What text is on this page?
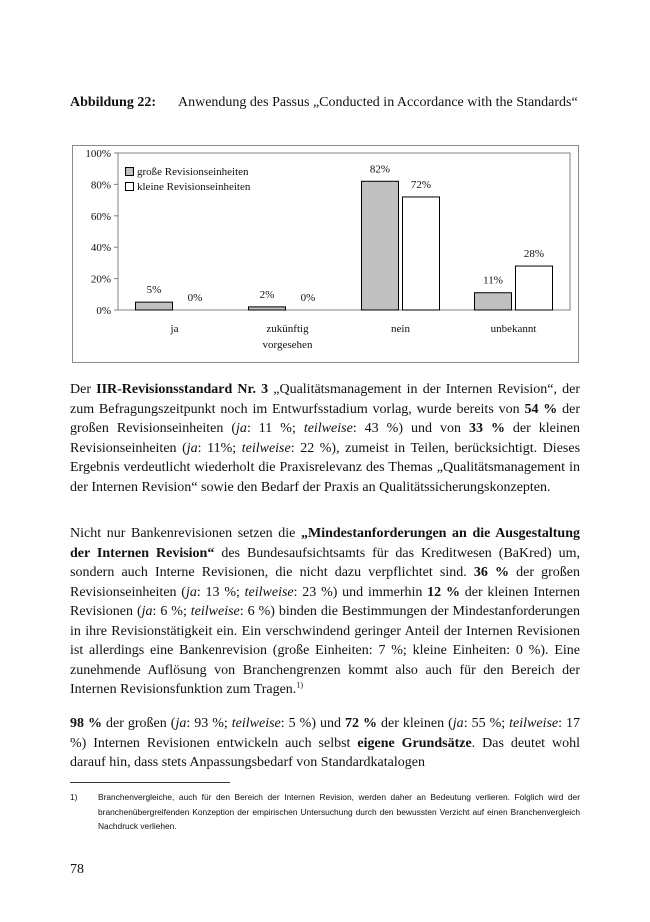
Abbildung 22: Anwendung des Passus „Conducted in Accordance with the Standards“
0%
20%
40%
60%
80%
100%
5%
0%
ja
2% 0%
zukünftig
vorgesehen
82%
72%
nein
11%
28%
unbekannt
große Revisionseinheiten
kleine Revisionseinheiten
Der IIR-Revisionsstandard Nr. 3 „Qualitätsmanagement in der Internen Revision“, der zum Befragungszeitpunkt noch im Entwurfsstadium vorlag, wurde bereits von 54 % der großen Revisionseinheiten (ja: 11 %; teilweise: 43 %) und von 33 % der kleinen Revisionseinheiten (ja: 11%; teilweise: 22 %), zumeist in Teilen, berücksichtigt. Dieses Ergebnis verdeutlicht wiederholt die Praxisrelevanz des Themas „Qualitätsmanagement in der Internen Revision“ sowie den Bedarf der Praxis an Qualitätssicherungskonzepten.
Nicht nur Bankenrevisionen setzen die „Mindestanforderungen an die Ausgestaltung der Internen Revision“ des Bundesaufsichtsamts für das Kreditwesen (BaKred) um, sondern auch Interne Revisionen, die nicht dazu verpflichtet sind. 36 % der großen Revisionseinheiten (ja: 13 %; teilweise: 23 %) und immerhin 12 % der kleinen Internen Revisionen (ja: 6 %; teilweise: 6 %) binden die Bestimmungen der Mindestanforderungen in ihre Revisionstätigkeit ein. Ein verschwindend geringer Anteil der Internen Revisionen ist allerdings eine Bankenrevision (große Einheiten: 7 %; kleine Einheiten: 0 %). Eine zunehmende Auflösung von Branchengrenzen kommt also auch für den Bereich der Internen Revisionsfunktion zum Tragen.$^{1)}$
98 % der großen (ja: 93 %; teilweise: 5 %) und 72 % der kleinen (ja: 55 %; teilweise: 17 %) Internen Revisionen entwickeln auch selbst eigene Grundsätze. Das deutet wohl darauf hin, dass stets Anpassungsbedarf von Standardkatalogen
1) Branchenvergleiche, auch für den Bereich der Internen Revision, werden daher an Bedeutung verlieren. Folglich wird der branchenübergreifenden Konzeption der empirischen Untersuchung durch den bewussten Verzicht auf einen Branchenvergleich Nachdruck verliehen.
78
